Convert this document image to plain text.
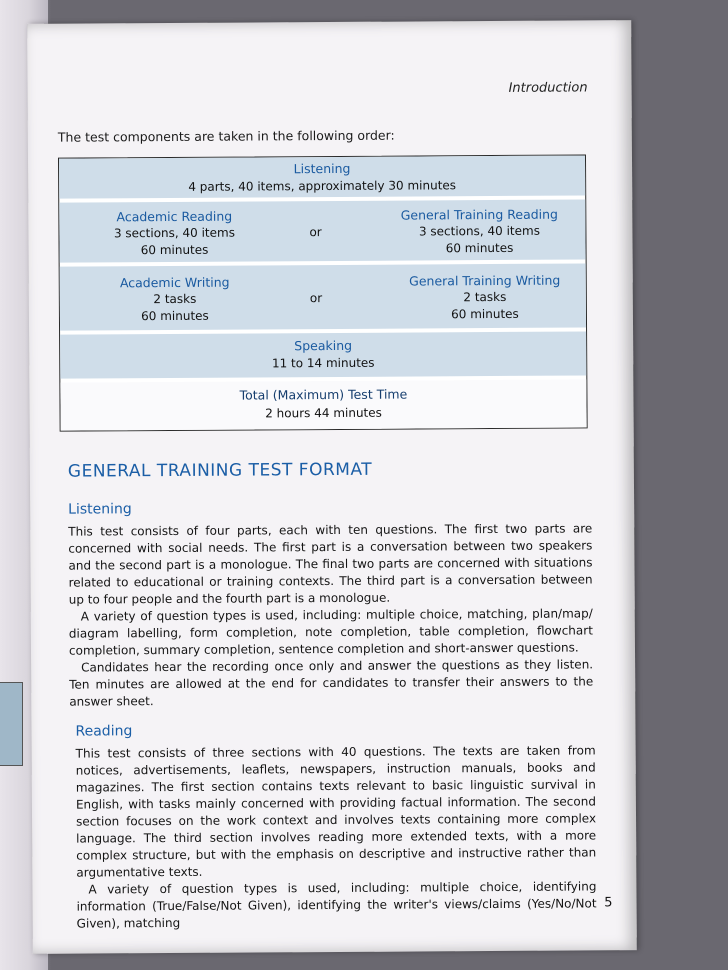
Introduction
The test components are taken in the following order:
Listening
4 parts, 40 items, approximately 30 minutes
Academic Reading
3 sections, 40 items
60 minutes
or
General Training Reading
3 sections, 40 items
60 minutes
Academic Writing
2 tasks
60 minutes
or
General Training Writing
2 tasks
60 minutes
Speaking
11 to 14 minutes
Total (Maximum) Test Time
2 hours 44 minutes
GENERAL TRAINING TEST FORMAT
Listening

This test consists of four parts, each with ten questions. The first two parts are concerned with social needs. The first part is a conversation between two speakers and the second part is a monologue. The final two parts are concerned with situations related to educational or training contexts. The third part is a conversation between up to four people and the fourth part is a monologue.

A variety of question types is used, including: multiple choice, matching, plan/map/ diagram labelling, form completion, note completion, table completion, flowchart completion, summary completion, sentence completion and short-answer questions.

Candidates hear the recording once only and answer the questions as they listen. Ten minutes are allowed at the end for candidates to transfer their answers to the answer sheet.

Reading

This test consists of three sections with 40 questions. The texts are taken from notices, advertisements, leaflets, newspapers, instruction manuals, books and magazines. The first section contains texts relevant to basic linguistic survival in English, with tasks mainly concerned with providing factual information. The second section focuses on the work context and involves texts containing more complex language. The third section involves reading more extended texts, with a more complex structure, but with the emphasis on descriptive and instructive rather than argumentative texts.

A variety of question types is used, including: multiple choice, identifying information (True/False/Not Given), identifying the writer's views/claims (Yes/No/Not Given), matching

5
